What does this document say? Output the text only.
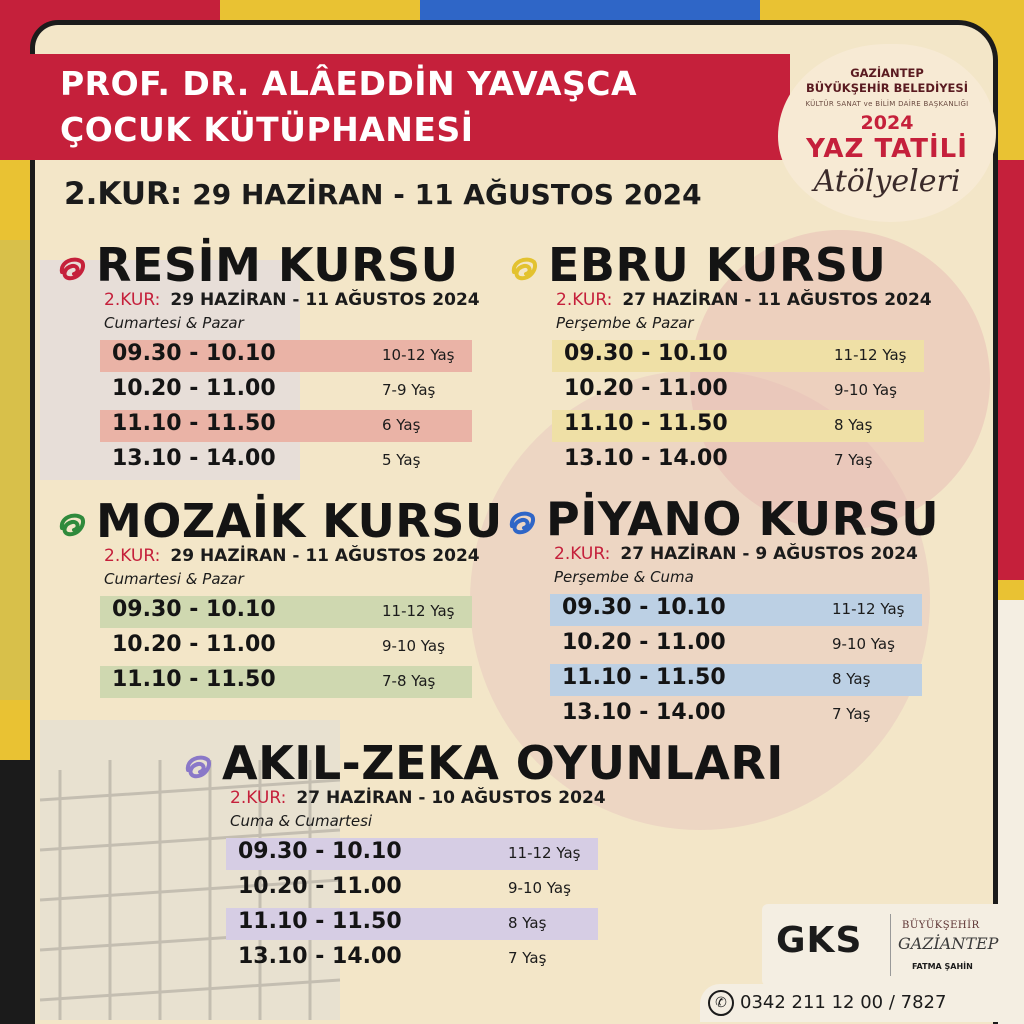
PROF. DR. ALÂEDDİN YAVAŞCA
ÇOCUK KÜTÜPHANESİ
2.KUR: 29 HAZİRAN - 11 AĞUSTOS 2024
GAZİANTEP
BÜYÜKŞEHİR BELEDİYESİ
KÜLTÜR SANAT ve BİLİM DAİRE BAŞKANLIĞI
2024
YAZ TATİLİ
Atölyeleri
RESİM KURSU
2.KUR: 29 HAZİRAN - 11 AĞUSTOS 2024
Cumartesi & Pazar
09.30 - 10.10	10-12 Yaş
10.20 - 11.00	7-9 Yaş
11.10 - 11.50	6 Yaş
13.10 - 14.00	5 Yaş
EBRU KURSU
2.KUR: 27 HAZİRAN - 11 AĞUSTOS 2024
Perşembe & Pazar
09.30 - 10.10	11-12 Yaş
10.20 - 11.00	9-10 Yaş
11.10 - 11.50	8 Yaş
13.10 - 14.00	7 Yaş
MOZAİK KURSU
2.KUR: 29 HAZİRAN - 11 AĞUSTOS 2024
Cumartesi & Pazar
09.30 - 10.10	11-12 Yaş
10.20 - 11.00	9-10 Yaş
11.10 - 11.50	7-8 Yaş
PİYANO KURSU
2.KUR: 27 HAZİRAN - 9 AĞUSTOS 2024
Perşembe & Cuma
09.30 - 10.10	11-12 Yaş
10.20 - 11.00	9-10 Yaş
11.10 - 11.50	8 Yaş
13.10 - 14.00	7 Yaş
AKIL-ZEKA OYUNLARI
2.KUR: 27 HAZİRAN - 10 AĞUSTOS 2024
Cuma & Cumartesi
09.30 - 10.10	11-12 Yaş
10.20 - 11.00	9-10 Yaş
11.10 - 11.50	8 Yaş
13.10 - 14.00	7 Yaş	GKS	BÜYÜKŞEHİR
GAZİANTEP
FATMA ŞAHİN
✆ 0342 211 12 00 / 7827
